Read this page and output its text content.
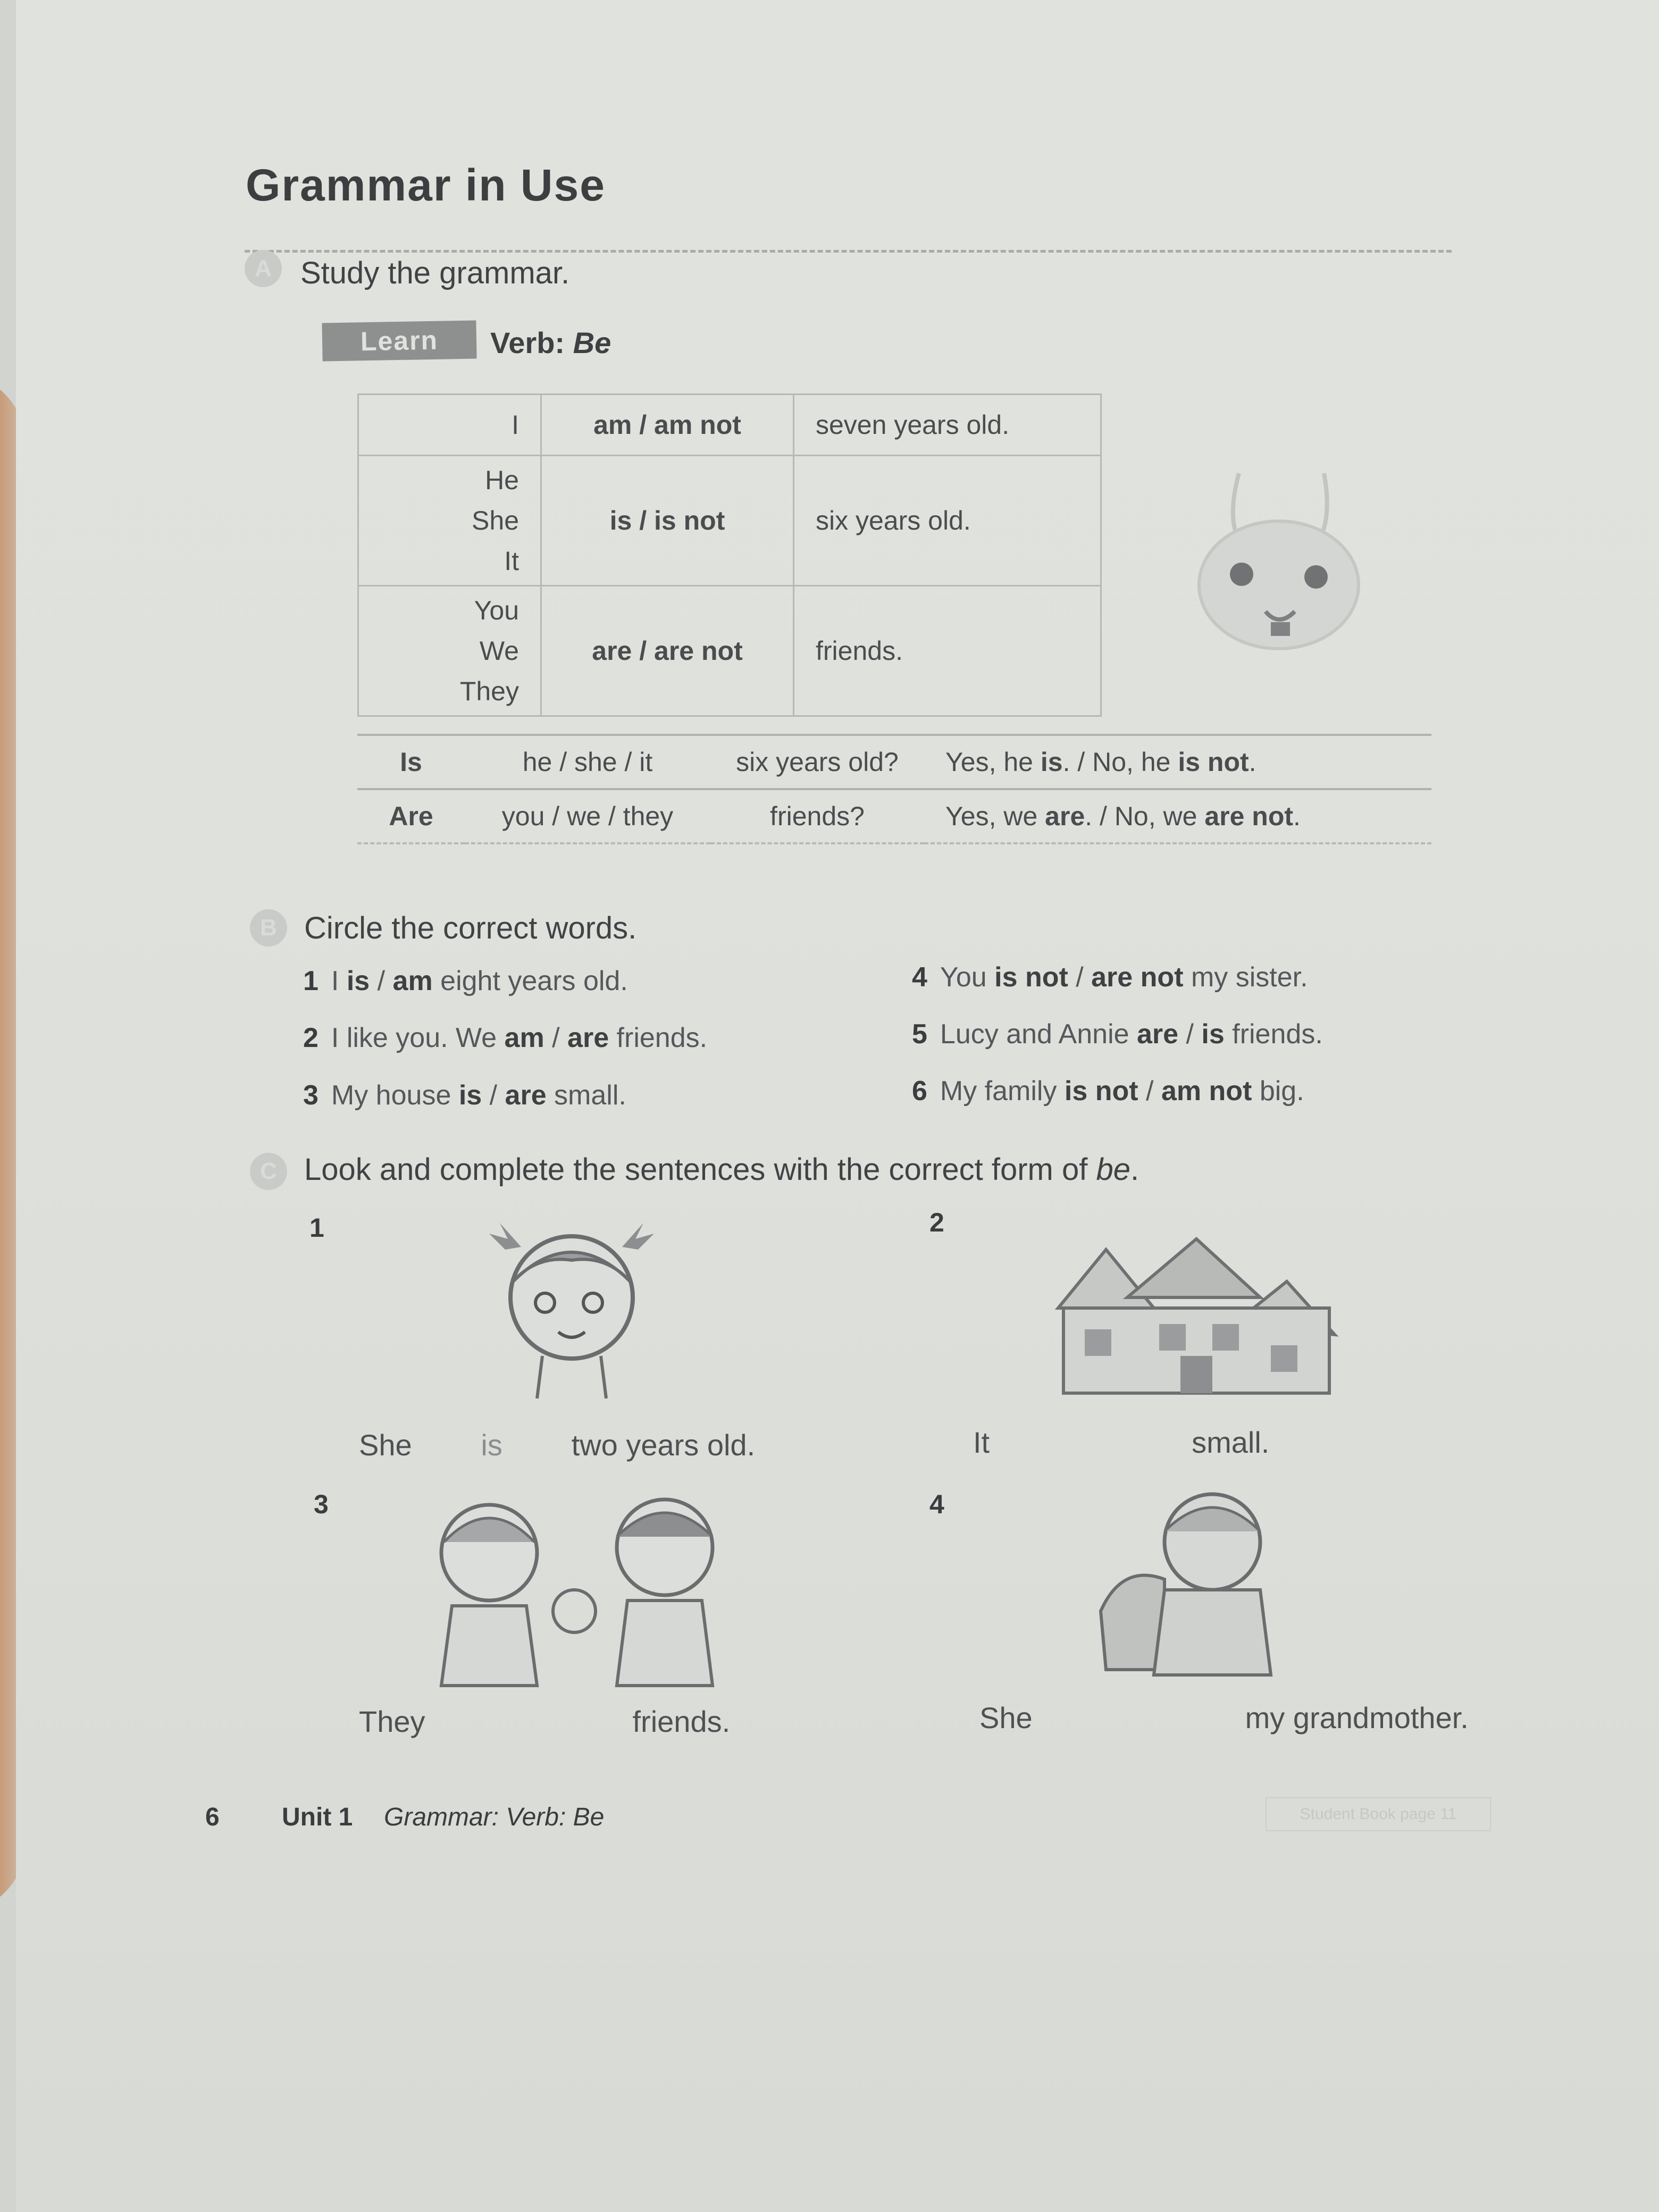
Grammar in Use
A Study the grammar.
Learn	Verb: Be
I	am / am not	seven years old.

He
She
It	is / is not	six years old.

You
We
They	are / are not	friends.
Is	he / she / it	six years old?	Yes, he is. / No, he is not.
Are	you / we / they	friends?	Yes, we are. / No, we are not.
B Circle the correct words.
1 I is / am eight years old.
2 I like you. We am / are friends.
3 My house is / are small.
4 You is not / are not my sister.
5 Lucy and Annie are / is friends.
6 My family is not / am not big.
C Look and complete the sentences with the correct form of be.
1	2
She is two years old.	It	small.
3	4
They	friends.	She	my grandmother.
6 Unit 1 Grammar: Verb: Be	Student Book page 11
